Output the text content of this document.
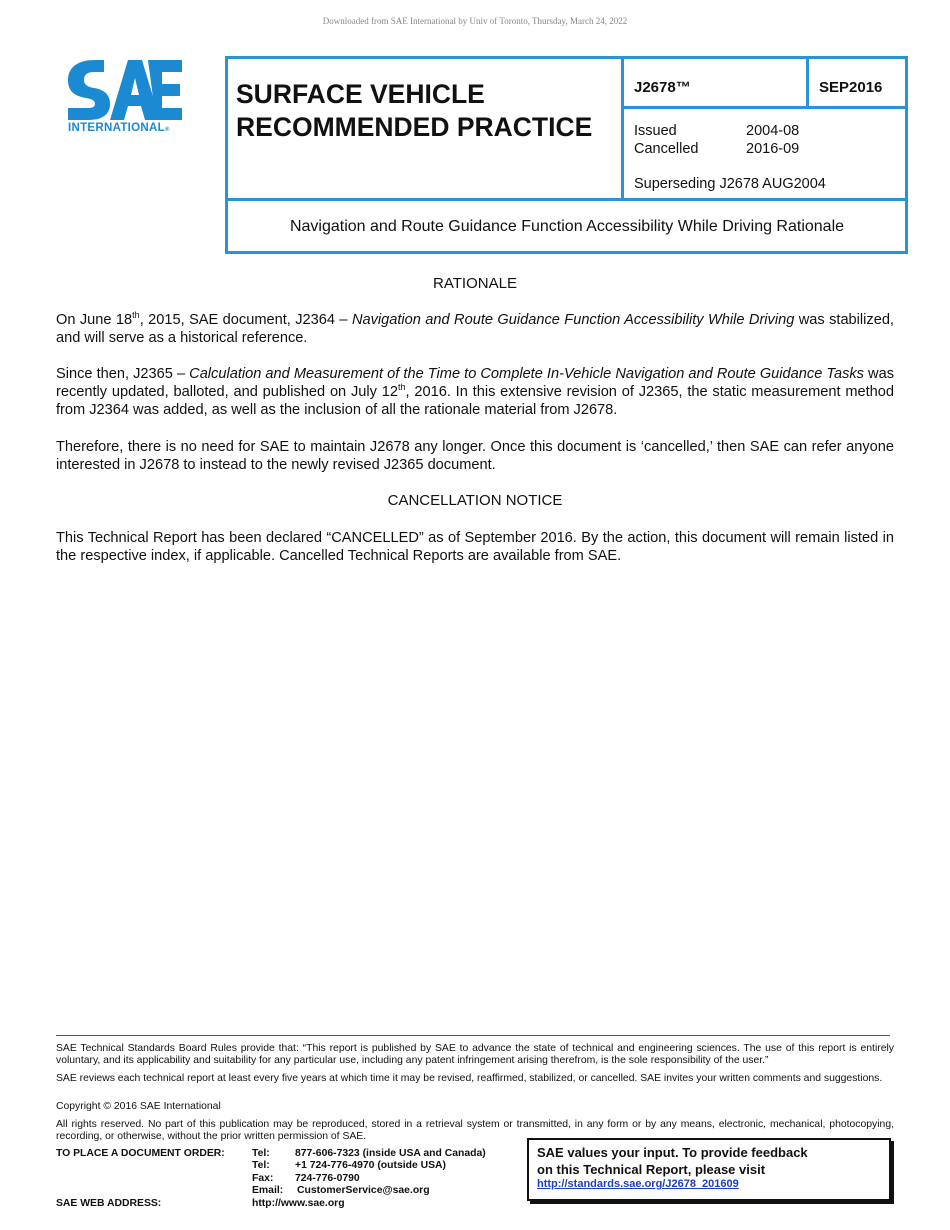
Downloaded from SAE International by Univ of Toronto, Thursday, March 24, 2022
INTERNATIONAL®
SURFACE VEHICLE
RECOMMENDED PRACTICE
J2678™	SEP2016
Issued	2004-08
Cancelled	2016-09
Superseding J2678 AUG2004
Navigation and Route Guidance Function Accessibility While Driving Rationale
RATIONALE
On June 18th, 2015, SAE document, J2364 – Navigation and Route Guidance Function Accessibility While Driving was stabilized, and will serve as a historical reference.
Since then, J2365 – Calculation and Measurement of the Time to Complete In-Vehicle Navigation and Route Guidance Tasks was recently updated, balloted, and published on July 12th, 2016. In this extensive revision of J2365, the static measurement method from J2364 was added, as well as the inclusion of all the rationale material from J2678.
Therefore, there is no need for SAE to maintain J2678 any longer. Once this document is ‘cancelled,’ then SAE can refer anyone interested in J2678 to instead to the newly revised J2365 document.
CANCELLATION NOTICE
This Technical Report has been declared “CANCELLED” as of September 2016. By the action, this document will remain listed in the respective index, if applicable. Cancelled Technical Reports are available from SAE.
SAE Technical Standards Board Rules provide that: “This report is published by SAE to advance the state of technical and engineering sciences. The use of this report is entirely voluntary, and its applicability and suitability for any particular use, including any patent infringement arising therefrom, is the sole responsibility of the user.”
SAE reviews each technical report at least every five years at which time it may be revised, reaffirmed, stabilized, or cancelled. SAE invites your written comments and suggestions.
Copyright © 2016 SAE International
All rights reserved. No part of this publication may be reproduced, stored in a retrieval system or transmitted, in any form or by any means, electronic, mechanical, photocopying, recording, or otherwise, without the prior written permission of SAE.
TO PLACE A DOCUMENT ORDER:	Tel: 877-606-7323 (inside USA and Canada)
Tel: +1 724-776-4970 (outside USA)
Fax: 724-776-0790
Email: CustomerService@sae.org
SAE WEB ADDRESS:	http://www.sae.org
SAE values your input. To provide feedback
on this Technical Report, please visit
http://standards.sae.org/J2678_201609
